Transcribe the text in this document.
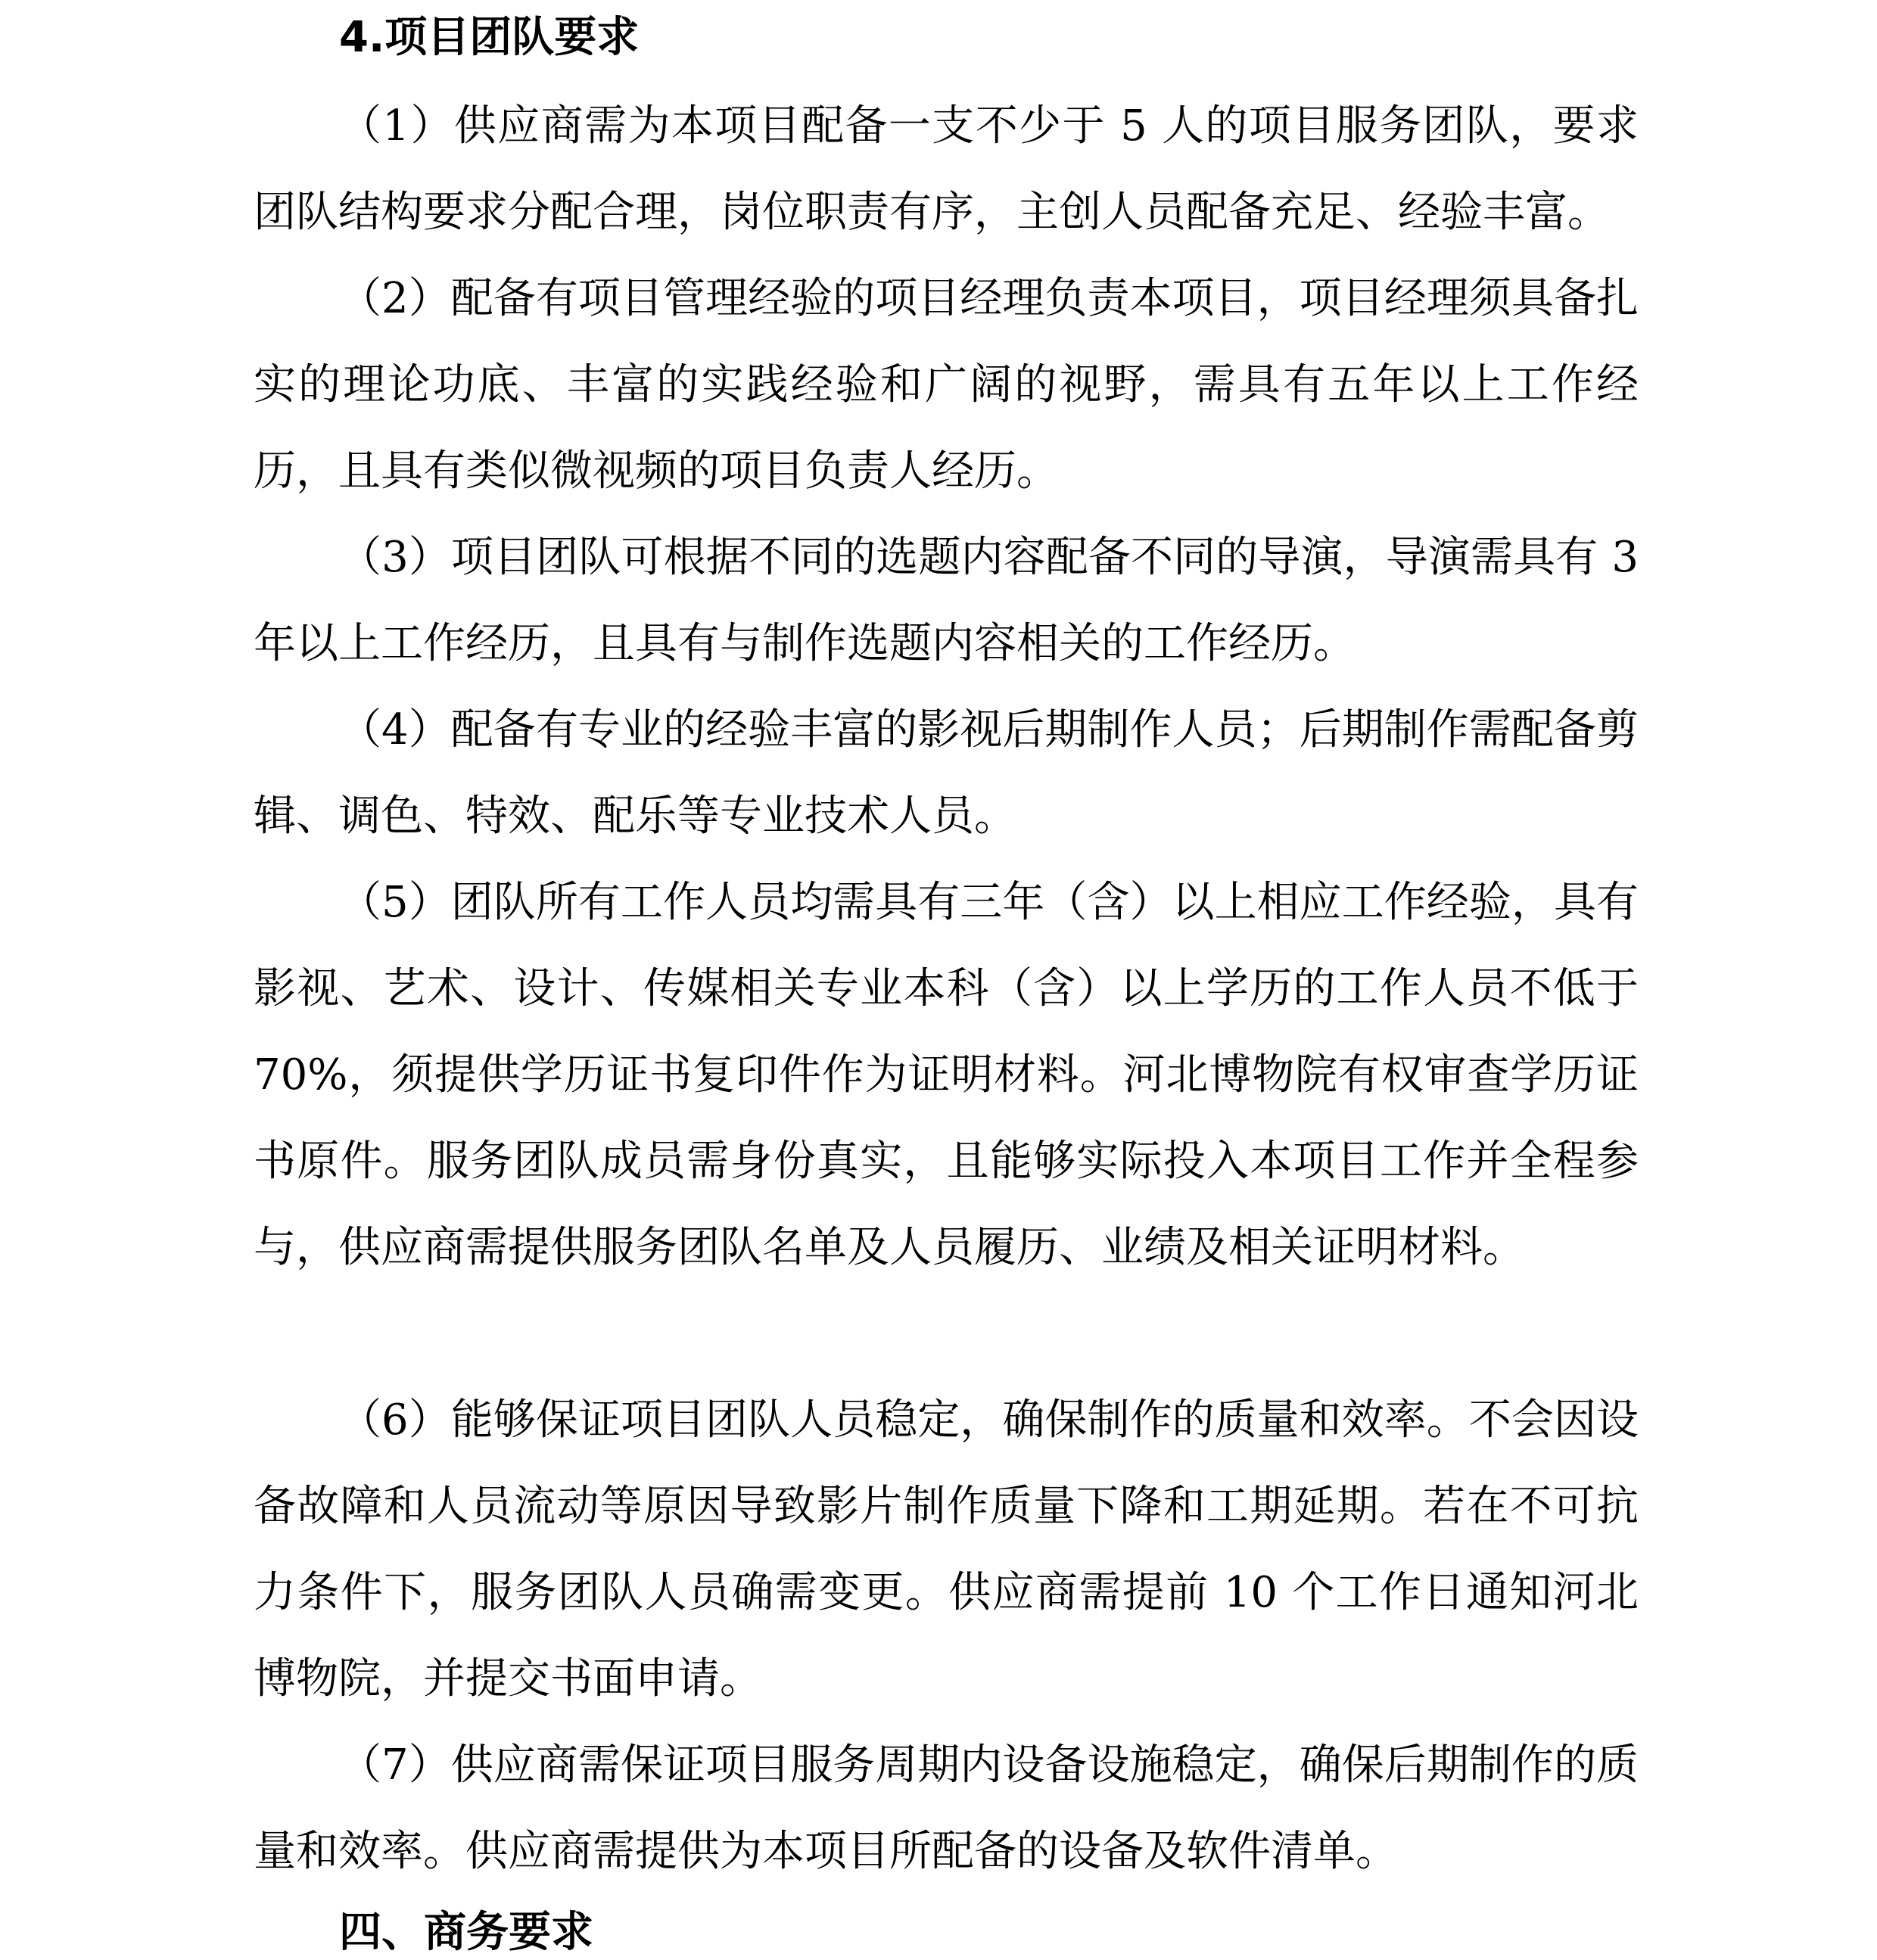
4.项目团队要求

（1）供应商需为本项目配备一支不少于 5 人的项目服务团队，要求团队结构要求分配合理，岗位职责有序，主创人员配备充足、经验丰富。

（2）配备有项目管理经验的项目经理负责本项目，项目经理须具备扎实的理论功底、丰富的实践经验和广阔的视野，需具有五年以上工作经历，且具有类似微视频的项目负责人经历。

（3）项目团队可根据不同的选题内容配备不同的导演，导演需具有 3 年以上工作经历，且具有与制作选题内容相关的工作经历。

（4）配备有专业的经验丰富的影视后期制作人员；后期制作需配备剪辑、调色、特效、配乐等专业技术人员。

（5）团队所有工作人员均需具有三年（含）以上相应工作经验，具有影视、艺术、设计、传媒相关专业本科（含）以上学历的工作人员不低于 70%，须提供学历证书复印件作为证明材料。河北博物院有权审查学历证书原件。服务团队成员需身份真实，且能够实际投入本项目工作并全程参与，供应商需提供服务团队名单及人员履历、业绩及相关证明材料。

（6）能够保证项目团队人员稳定，确保制作的质量和效率。不会因设备故障和人员流动等原因导致影片制作质量下降和工期延期。若在不可抗力条件下，服务团队人员确需变更。供应商需提前 10 个工作日通知河北博物院，并提交书面申请。

（7）供应商需保证项目服务周期内设备设施稳定，确保后期制作的质量和效率。供应商需提供为本项目所配备的设备及软件清单。

四、商务要求
